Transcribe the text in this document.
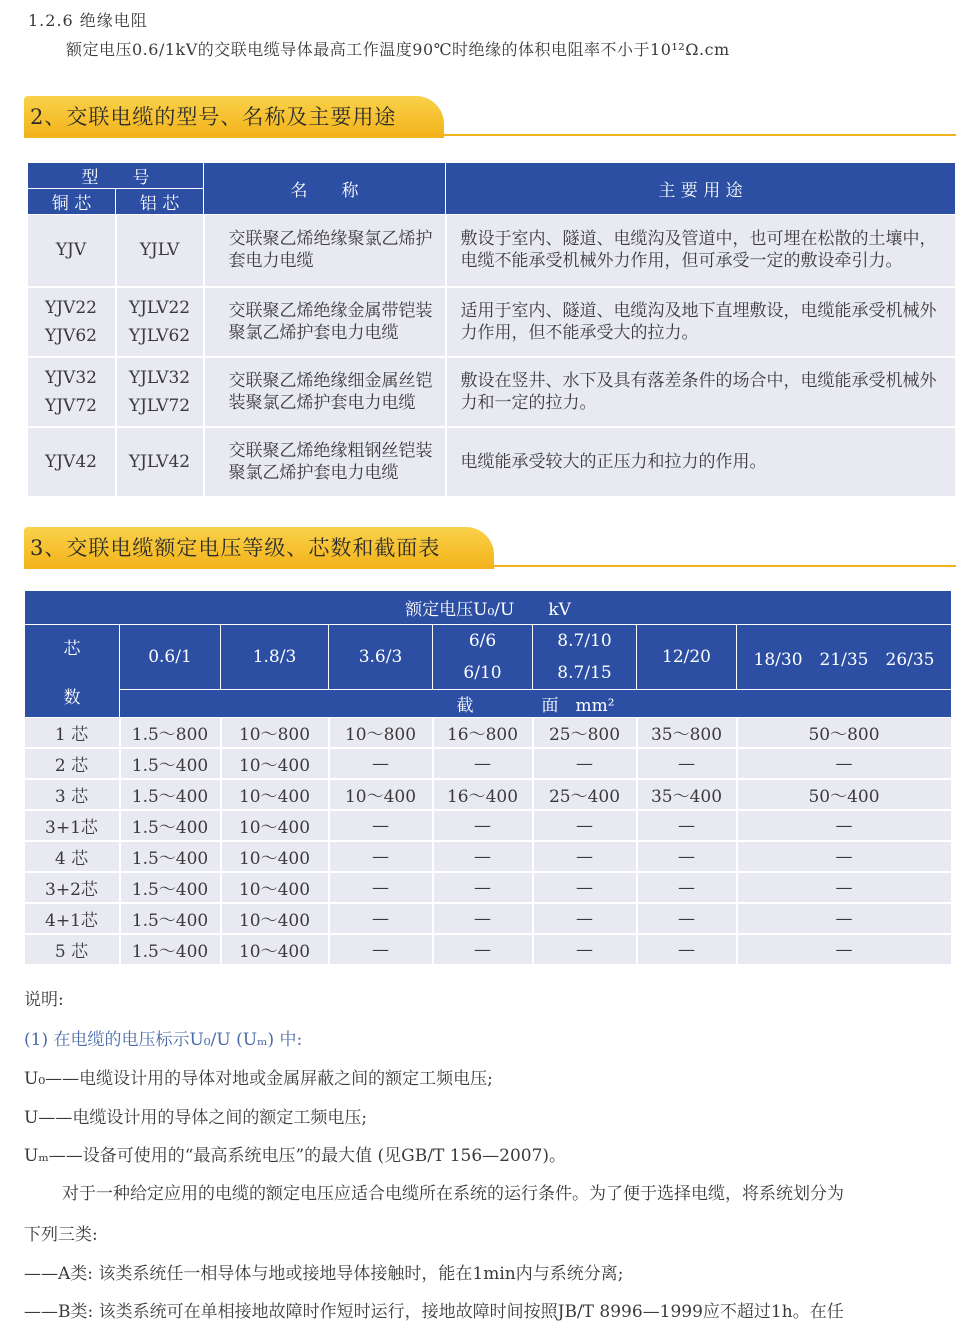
1.2.6 绝缘电阻
额定电压0.6/1kV的交联电缆导体最高工作温度90℃时绝缘的体积电阻率不小于10¹²Ω.cm
2、交联电缆的型号、名称及主要用途
型　　号		名　　称	主 要 用 途
铜 芯	铝 芯		
YJV	YJLV	交联聚乙烯绝缘聚氯乙烯护套电力电缆	敷设于室内、隧道、电缆沟及管道中，也可埋在松散的土壤中，电缆不能承受机械外力作用，但可承受一定的敷设牵引力。
YJV22 YJV62	YJLV22 YJLV62	交联聚乙烯绝缘金属带铠装聚氯乙烯护套电力电缆	适用于室内、隧道、电缆沟及地下直埋敷设，电缆能承受机械外力作用，但不能承受大的拉力。
YJV32 YJV72	YJLV32 YJLV72	交联聚乙烯绝缘细金属丝铠装聚氯乙烯护套电力电缆	敷设在竖井、水下及具有落差条件的场合中，电缆能承受机械外力和一定的拉力。
YJV42	YJLV42	交联聚乙烯绝缘粗钢丝铠装聚氯乙烯护套电力电缆	电缆能承受较大的正压力和拉力的作用。
3、交联电缆额定电压等级、芯数和截面表
额定电压U₀/U　　kV							

芯
数	0.6/1	1.8/3	3.6/3	6/6 6/10	8.7/10 8.7/15	12/20	18/30　21/35　26/35
	截　　　　面　mm²						
1 芯	1.5～800	10～800	10～800	16～800	25～800	35～800	50～800
2 芯	1.5～400	10～400	—	—	—	—	—
3 芯	1.5～400	10～400	10～400	16～400	25～400	35～400	50～400
3+1芯	1.5～400	10～400	—	—	—	—	—
4 芯	1.5～400	10～400	—	—	—	—	—
3+2芯	1.5～400	10～400	—	—	—	—	—
4+1芯	1.5～400	10～400	—	—	—	—	—
5 芯	1.5～400	10～400	—	—	—	—	—
说明:
(1) 在电缆的电压标示U₀/U (Uₘ) 中:
U₀——电缆设计用的导体对地或金属屏蔽之间的额定工频电压;
U——电缆设计用的导体之间的额定工频电压;
Uₘ——设备可使用的“最高系统电压”的最大值 (见GB/T 156—2007)。
对于一种给定应用的电缆的额定电压应适合电缆所在系统的运行条件。为了便于选择电缆，将系统划分为
下列三类:
——A类: 该类系统任一相导体与地或接地导体接触时，能在1min内与系统分离;
——B类: 该类系统可在单相接地故障时作短时运行，接地故障时间按照JB/T 8996—1999应不超过1h。在任
